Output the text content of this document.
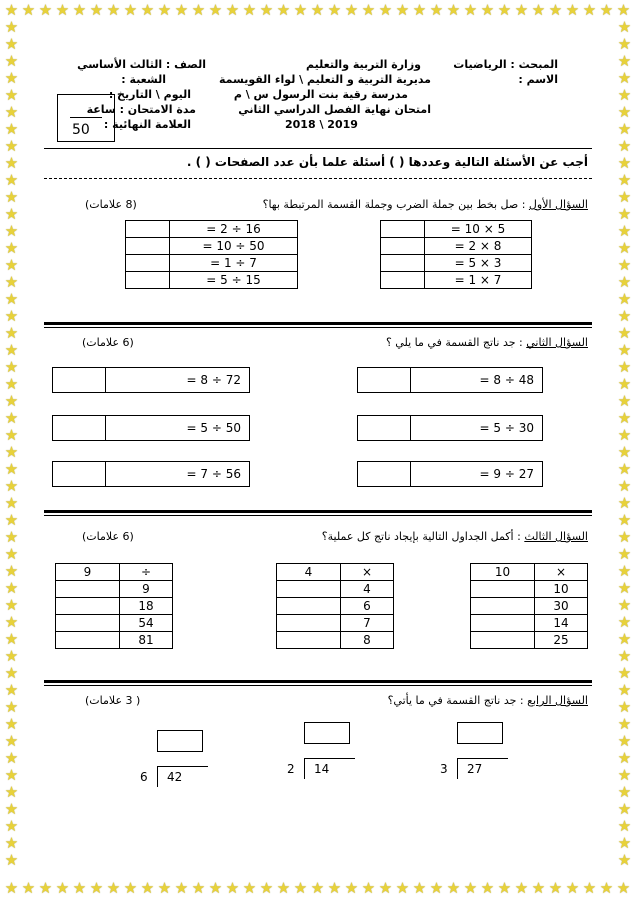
★
★
★
★
★
★
★
★
★
★
★
★
★
★
★
★
★
★
★
★
★
★
★
★
★
★
★
★
★
★
★
★
★
★
★
★
★
★
★
★
★
★
★
★
★
★
★
★
★
★
★
★
★
★
★
★
★
★
★
★
★
★
★
★
★
★
★
★
★
★
★
★
★
★
★	★
★	★
★	★
★	★
★	★
★	★
★	★
★	★
★	★
★	★
★	★
★	★
★	★
★	★
★	★
★	★
★	★
★	★
★	★
★	★
★	★
★	★
★	★
★	★
★	★
★	★
★	★
★	★
★	★
★	★
★	★
★	★
★	★
★	★
★	★
★	★
★	★
★	★
★	★
★	★
★	★
★	★
★	★
★	★
★	★
★	★
★	★
★	★
★	★
★	★
المبحث : الرياضيات
الاسم :
وزارة التربية والتعليم
مديرية التربية و التعليم \ لواء القويسمة
مدرسة رقية بنت الرسول س \ م
امتحان نهاية الفصل الدراسي الثاني
2018 \ 2019
الصف : الثالث الأساسي
الشعبة :
اليوم \ التاريخ :
مدة الامتحان : ساعة
العلامة النهائية :
50
أجب عن الأسئلة التالية وعددها ( ) أسئلة علما بأن عدد الصفحات ( ) .
السؤال الأول : صل بخط بين جملة الضرب وجملة القسمة المرتبطة بها؟
(8 علامات)
	= 2 ÷ 16
	= 10 ÷ 50
	= 1 ÷ 7
	= 5 ÷ 15
	= 10 × 5
	= 2 × 8
	= 5 × 3
	= 1 × 7
السؤال الثاني : جد ناتج القسمة في ما يلي ؟
(6 علامات)
= 8 ÷ 72	= 8 ÷ 48
= 5 ÷ 50	= 5 ÷ 30
= 7 ÷ 56	= 9 ÷ 27
السؤال الثالث : أكمل الجداول التالية بإيجاد ناتج كل عملية؟
(6 علامات)
9	÷
	9
	18
	54
	81
4	×
	4
	6
	7
	8
10	×
	10
	30
	14
	25
السؤال الرابع : جد ناتج القسمة في ما يأتي؟
( 3 علامات)
6 42
2 14	3 27
